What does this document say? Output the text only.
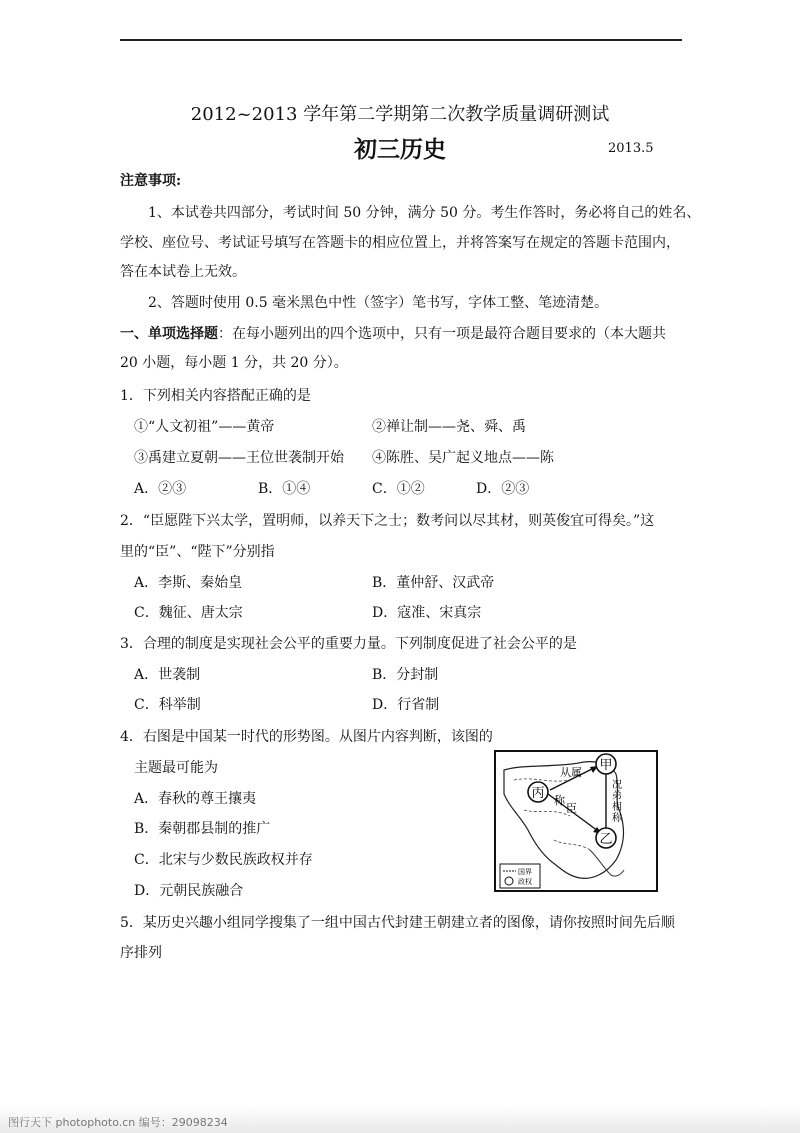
2012~2013 学年第二学期第二次教学质量调研测试
初三历史	2013.5
注意事项:
1、本试卷共四部分，考试时间 50 分钟，满分 50 分。考生作答时，务必将自己的姓名、
学校、座位号、考试证号填写在答题卡的相应位置上，并将答案写在规定的答题卡范围内，
答在本试卷上无效。
2、答题时使用 0.5 毫米黑色中性（签字）笔书写，字体工整、笔迹清楚。
一、单项选择题：在每小题列出的四个选项中，只有一项是最符合题目要求的（本大题共
20 小题，每小题 1 分，共 20 分）。
1．下列相关内容搭配正确的是
①“人文初祖”——黄帝	②禅让制——尧、舜、禹
③禹建立夏朝——王位世袭制开始 ④陈胜、吴广起义地点——陈
A．②③	B．①④	C．①②	D．②③
2．“臣愿陛下兴太学，置明师，以养天下之士；数考问以尽其材，则英俊宜可得矣。”这
里的“臣”、“陛下”分别指
A．李斯、秦始皇	B．董仲舒、汉武帝
C．魏征、唐太宗	D．寇准、宋真宗
3．合理的制度是实现社会公平的重要力量。下列制度促进了社会公平的是
A．世袭制	B．分封制
C．科举制	D．行省制
4．右图是中国某一时代的形势图。从图片内容判断，该图的
主题最可能为
A．春秋的尊王攘夷
B．秦朝郡县制的推广
C．北宋与少数民族政权并存
D．元朝民族融合
甲
乙
丙
从属
称
臣
况
弟
相
称
国界
政权
5．某历史兴趣小组同学搜集了一组中国古代封建王朝建立者的图像，请你按照时间先后顺
序排列
图行天下 photophoto.cn 编号：29098234
